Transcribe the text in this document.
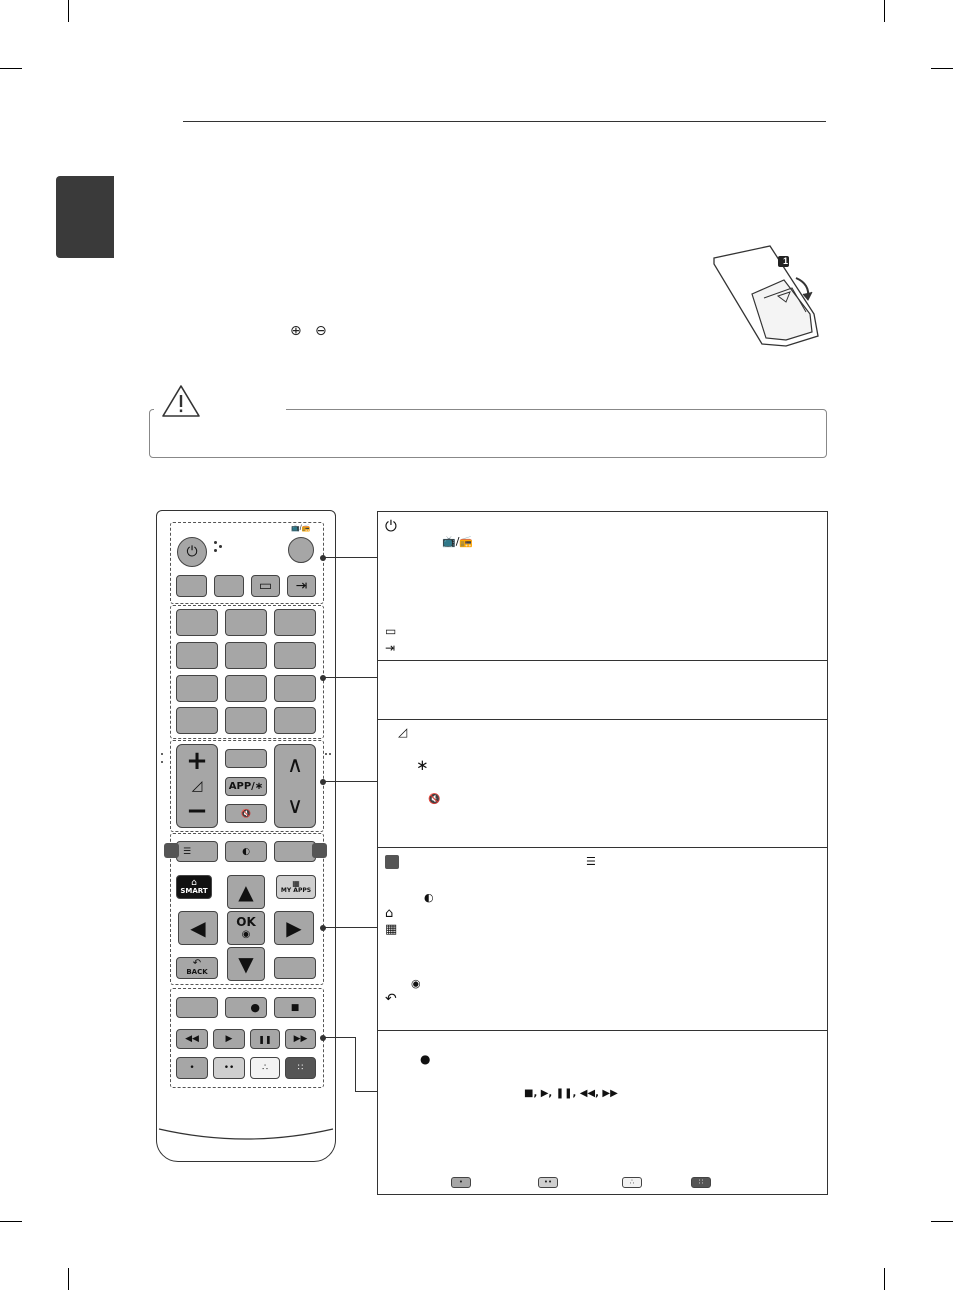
⊕ ⊖
1
⏻
📺/📻
▭ ⇥
+
◿
−
APP/∗
🔇
∧
∨
☰	◐
⌂
SMART
▦
MY APPS
▲
◀	OK
◉ ▶
▼
↶
BACK
●	■
◀◀	▶	❚❚ ▶▶
•	••	∴	∷
⏻
📺/📻
▭
⇥
◿
∗
🔇
☰
◐
⌂
▦
◉
↶
●
■, ▶, ❚❚, ◀◀, ▶▶
•	••	∴	∷
